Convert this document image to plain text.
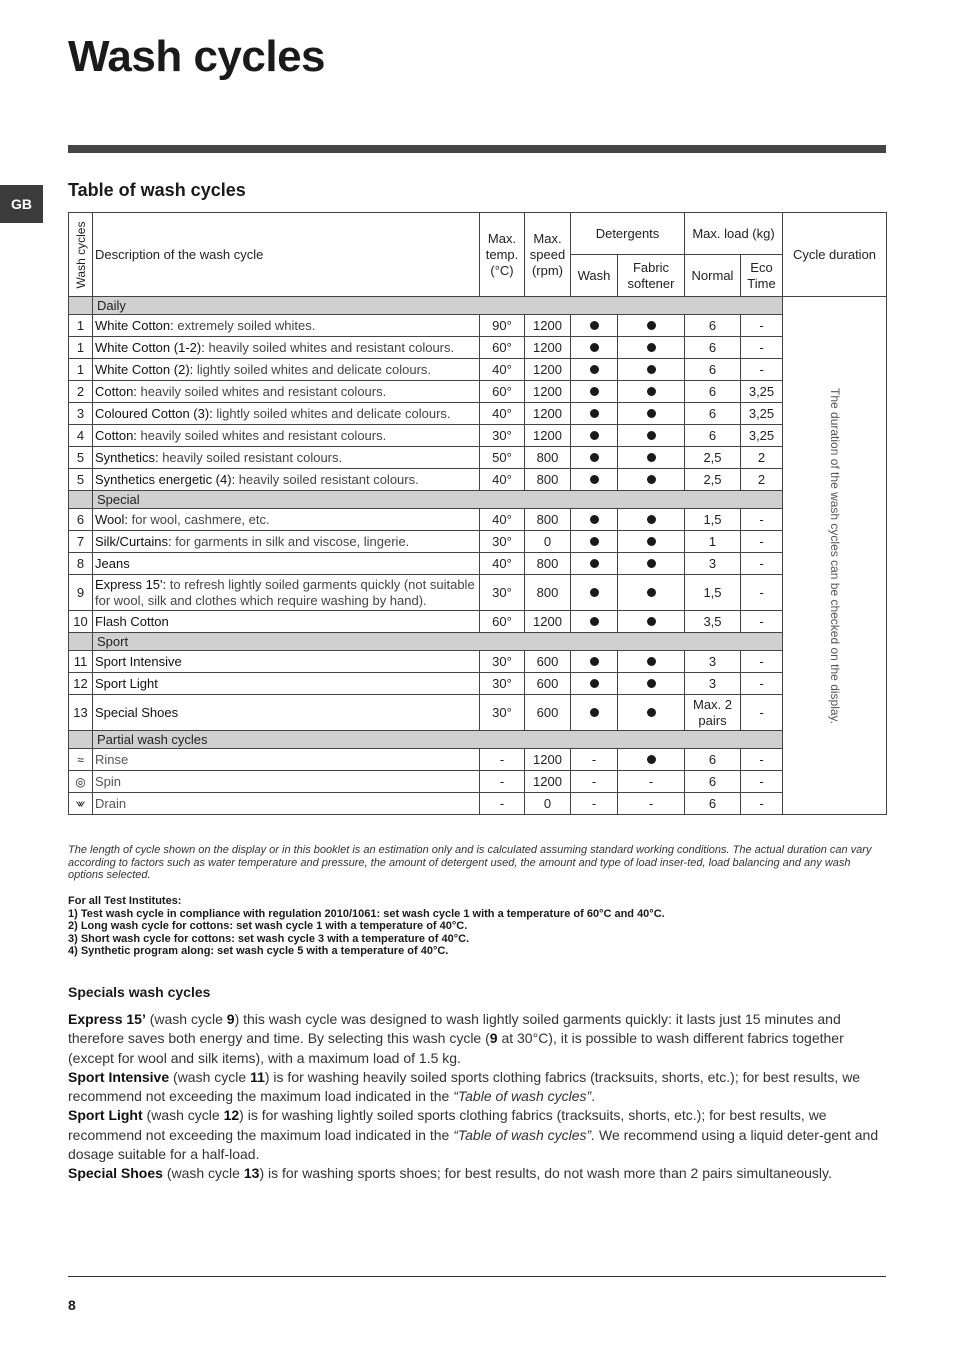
Wash cycles
GB
Table of wash cycles
Wash cycles	Description of the wash cycle	Max. temp. (°C)	Max. speed (rpm)	Detergents		Max. load (kg)		Cycle duration
				Wash	Fabric softener	Normal	Eco Time	
	Daily							The duration of the wash cycles can be checked on the display.

1	White Cotton: extremely soiled whites.	90°	1200			6	-	
1	White Cotton (1-2): heavily soiled whites and resistant colours.	60°	1200			6	-	
1	White Cotton (2): lightly soiled whites and delicate colours.	40°	1200			6	-	
2	Cotton: heavily soiled whites and resistant colours.	60°	1200			6	3,25	
3	Coloured Cotton (3): lightly soiled whites and delicate colours.	40°	1200			6	3,25	
4	Cotton: heavily soiled whites and resistant colours.	30°	1200			6	3,25	
5	Synthetics: heavily soiled resistant colours.	50°	800			2,5	2	
5	Synthetics energetic (4): heavily soiled resistant colours.	40°	800			2,5	2	
	Special							
6	Wool: for wool, cashmere, etc.	40°	800			1,5	-	
7	Silk/Curtains: for garments in silk and viscose, lingerie.	30°	0			1	-	
8	Jeans	40°	800			3	-	
9	Express 15': to refresh lightly soiled garments quickly (not suitable for wool, silk and clothes which require washing by hand).	30°	800			1,5	-	
10	Flash Cotton	60°	1200			3,5	-	
	Sport							
11	Sport Intensive	30°	600			3	-	
12	Sport Light	30°	600			3	-	
13	Special Shoes	30°	600			Max. 2 pairs	-	
	Partial wash cycles							
≈	Rinse	-	1200	-		6	-	
◎	Spin	-	1200	-	-	6	-	
⩖	Drain	-	0	-	-	6	-	

The length of cycle shown on the display or in this booklet is an estimation only and is calculated assuming standard working conditions. The actual duration can vary according to factors such as water temperature and pressure, the amount of detergent used, the amount and type of load inser-ted, load balancing and any wash options selected.

For all Test Institutes:
1) Test wash cycle in compliance with regulation 2010/1061: set wash cycle 1 with a temperature of 60°C and 40°C.
2) Long wash cycle for cottons: set wash cycle 1 with a temperature of 40°C.
3) Short wash cycle for cottons: set wash cycle 3 with a temperature of 40°C.
4) Synthetic program along: set wash cycle 5 with a temperature of 40°C.
Specials wash cycles

Express 15’ (wash cycle 9) this wash cycle was designed to wash lightly soiled garments quickly: it lasts just 15 minutes and therefore saves both energy and time. By selecting this wash cycle (9 at 30°C), it is possible to wash different fabrics together (except for wool and silk items), with a maximum load of 1.5 kg.

Sport Intensive (wash cycle 11) is for washing heavily soiled sports clothing fabrics (tracksuits, shorts, etc.); for best results, we recommend not exceeding the maximum load indicated in the “Table of wash cycles”.

Sport Light (wash cycle 12) is for washing lightly soiled sports clothing fabrics (tracksuits, shorts, etc.); for best results, we recommend not exceeding the maximum load indicated in the “Table of wash cycles”. We recommend using a liquid deter-gent and dosage suitable for a half-load.

Special Shoes (wash cycle 13) is for washing sports shoes; for best results, do not wash more than 2 pairs simultaneously.

8
